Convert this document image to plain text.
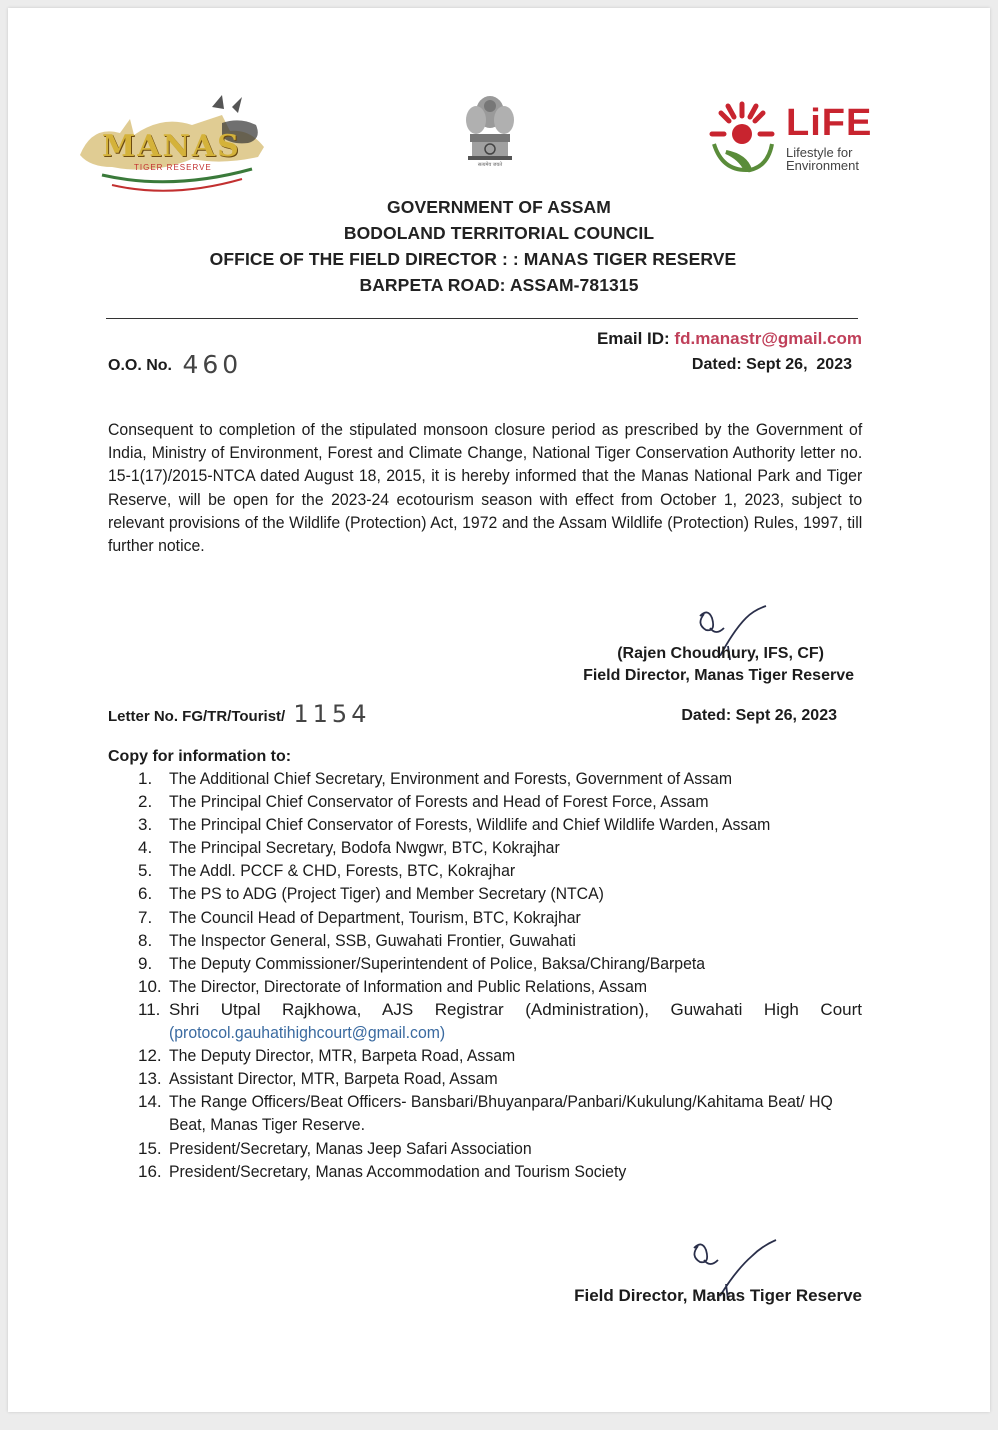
MANAS
TIGER RESERVE	सत्यमेव जयते
LiFE
Lifestyle for
Environment
GOVERNMENT OF ASSAM
BODOLAND TERRITORIAL COUNCIL
OFFICE OF THE FIELD DIRECTOR : : MANAS TIGER RESERVE
BARPETA ROAD: ASSAM-781315
Email ID: fd.manastr@gmail.com
O.O. No. 460	Dated: Sept 26,  2023
Consequent to completion of the stipulated monsoon closure period as prescribed by the Government of India, Ministry of Environment, Forest and Climate Change, National Tiger Conservation Authority letter no. 15-1(17)/2015-NTCA dated August 18, 2015, it is hereby informed that the Manas National Park and Tiger Reserve, will be open for the 2023-24 ecotourism season with effect from October 1, 2023, subject to relevant provisions of the Wildlife (Protection) Act, 1972 and the Assam Wildlife (Protection) Rules, 1997, till further notice.
(Rajen Choudhury, IFS, CF)
Field Director, Manas Tiger Reserve
Letter No. FG/TR/Tourist/ 1154	Dated: Sept 26, 2023
Copy for information to:
1. The Additional Chief Secretary, Environment and Forests, Government of Assam
2. The Principal Chief Conservator of Forests and Head of Forest Force, Assam
3. The Principal Chief Conservator of Forests, Wildlife and Chief Wildlife Warden, Assam
4. The Principal Secretary, Bodofa Nwgwr, BTC, Kokrajhar
5. The Addl. PCCF & CHD, Forests, BTC, Kokrajhar
6. The PS to ADG (Project Tiger) and Member Secretary (NTCA)
7. The Council Head of Department, Tourism, BTC, Kokrajhar
8. The Inspector General, SSB, Guwahati Frontier, Guwahati
9. The Deputy Commissioner/Superintendent of Police, Baksa/Chirang/Barpeta
10. The Director, Directorate of Information and Public Relations, Assam
11. Shri Utpal Rajkhowa, AJS Registrar (Administration), Guwahati High Court
(protocol.gauhatihighcourt@gmail.com)
12. The Deputy Director, MTR, Barpeta Road, Assam
13. Assistant Director, MTR, Barpeta Road, Assam
14. The Range Officers/Beat Officers- Bansbari/Bhuyanpara/Panbari/Kukulung/Kahitama Beat/ HQ
Beat, Manas Tiger Reserve.
15. President/Secretary, Manas Jeep Safari Association
16. President/Secretary, Manas Accommodation and Tourism Society
Field Director, Manas Tiger Reserve
